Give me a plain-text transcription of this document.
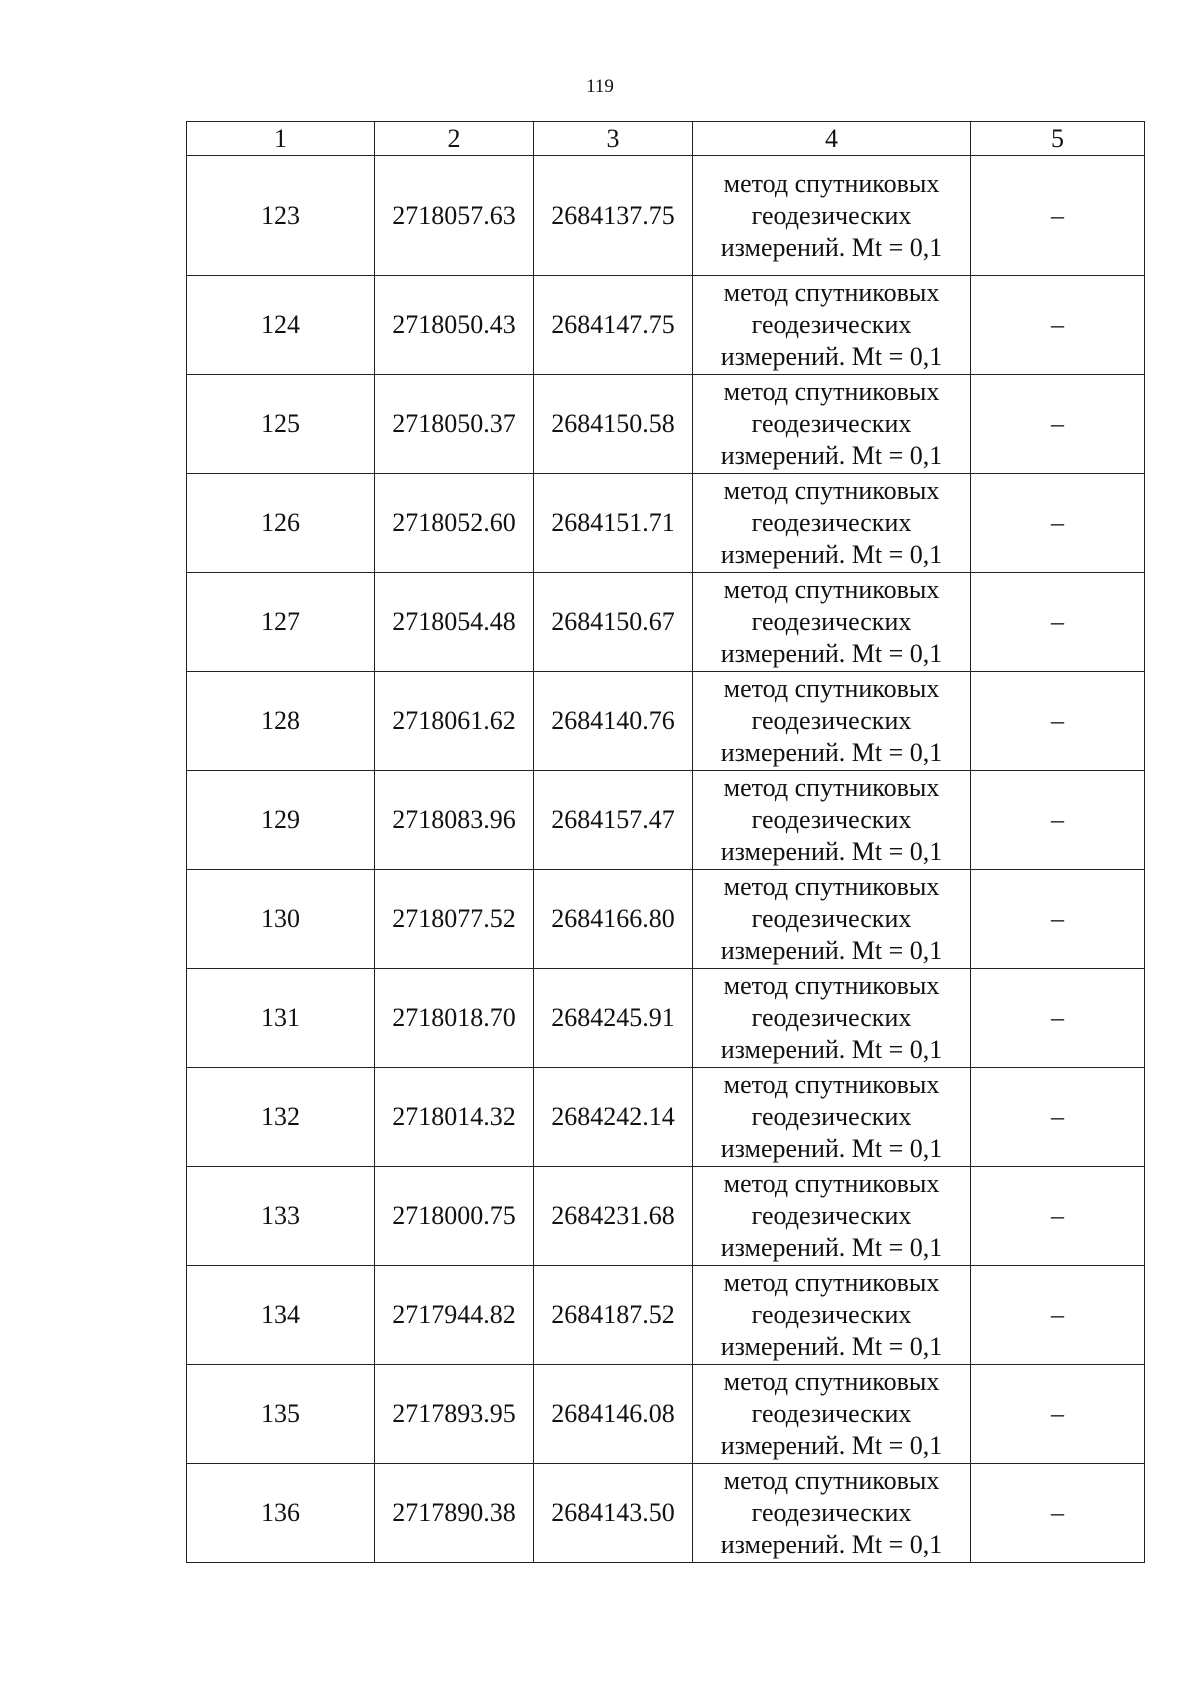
119
1	2	3	4	5
123	2718057.63	2684137.75	метод спутниковых
геодезических
измерений. Mt = 0,1	–
124	2718050.43	2684147.75	метод спутниковых
геодезических
измерений. Mt = 0,1	–
125	2718050.37	2684150.58	метод спутниковых
геодезических
измерений. Mt = 0,1	–
126	2718052.60	2684151.71	метод спутниковых
геодезических
измерений. Mt = 0,1	–
127	2718054.48	2684150.67	метод спутниковых
геодезических
измерений. Mt = 0,1	–
128	2718061.62	2684140.76	метод спутниковых
геодезических
измерений. Mt = 0,1	–
129	2718083.96	2684157.47	метод спутниковых
геодезических
измерений. Mt = 0,1	–
130	2718077.52	2684166.80	метод спутниковых
геодезических
измерений. Mt = 0,1	–
131	2718018.70	2684245.91	метод спутниковых
геодезических
измерений. Mt = 0,1	–
132	2718014.32	2684242.14	метод спутниковых
геодезических
измерений. Mt = 0,1	–
133	2718000.75	2684231.68	метод спутниковых
геодезических
измерений. Mt = 0,1	–
134	2717944.82	2684187.52	метод спутниковых
геодезических
измерений. Mt = 0,1	–
135	2717893.95	2684146.08	метод спутниковых
геодезических
измерений. Mt = 0,1	–
136	2717890.38	2684143.50	метод спутниковых
геодезических
измерений. Mt = 0,1	–
